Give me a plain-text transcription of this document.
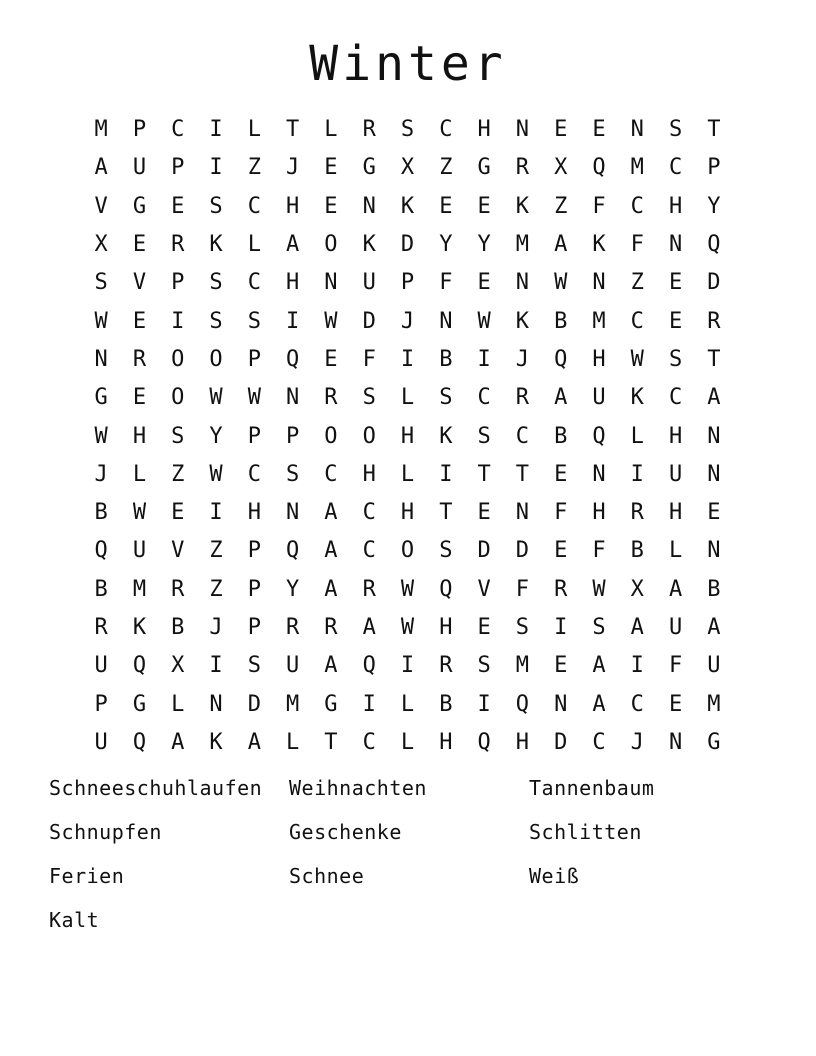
Winter
M	P	C	I	L	T	L	R	S	C	H	N	E	E	N	S	T
A	U	P	I	Z	J	E	G	X	Z	G	R	X	Q	M	C	P
V	G	E	S	C	H	E	N	K	E	E	K	Z	F	C	H	Y
X	E	R	K	L	A	O	K	D	Y	Y	M	A	K	F	N	Q
S	V	P	S	C	H	N	U	P	F	E	N	W	N	Z	E	D
W	E	I	S	S	I	W	D	J	N	W	K	B	M	C	E	R
N	R	O	O	P	Q	E	F	I	B	I	J	Q	H	W	S	T
G	E	O	W	W	N	R	S	L	S	C	R	A	U	K	C	A
W	H	S	Y	P	P	O	O	H	K	S	C	B	Q	L	H	N
J	L	Z	W	C	S	C	H	L	I	T	T	E	N	I	U	N
B	W	E	I	H	N	A	C	H	T	E	N	F	H	R	H	E
Q	U	V	Z	P	Q	A	C	O	S	D	D	E	F	B	L	N
B	M	R	Z	P	Y	A	R	W	Q	V	F	R	W	X	A	B
R	K	B	J	P	R	R	A	W	H	E	S	I	S	A	U	A
U	Q	X	I	S	U	A	Q	I	R	S	M	E	A	I	F	U
P	G	L	N	D	M	G	I	L	B	I	Q	N	A	C	E	M
U	Q	A	K	A	L	T	C	L	H	Q	H	D	C	J	N	G
Schneeschuhlaufen	Weihnachten	Tannenbaum
Schnupfen	Geschenke	Schlitten
Ferien	Schnee	Weiß
Kalt
